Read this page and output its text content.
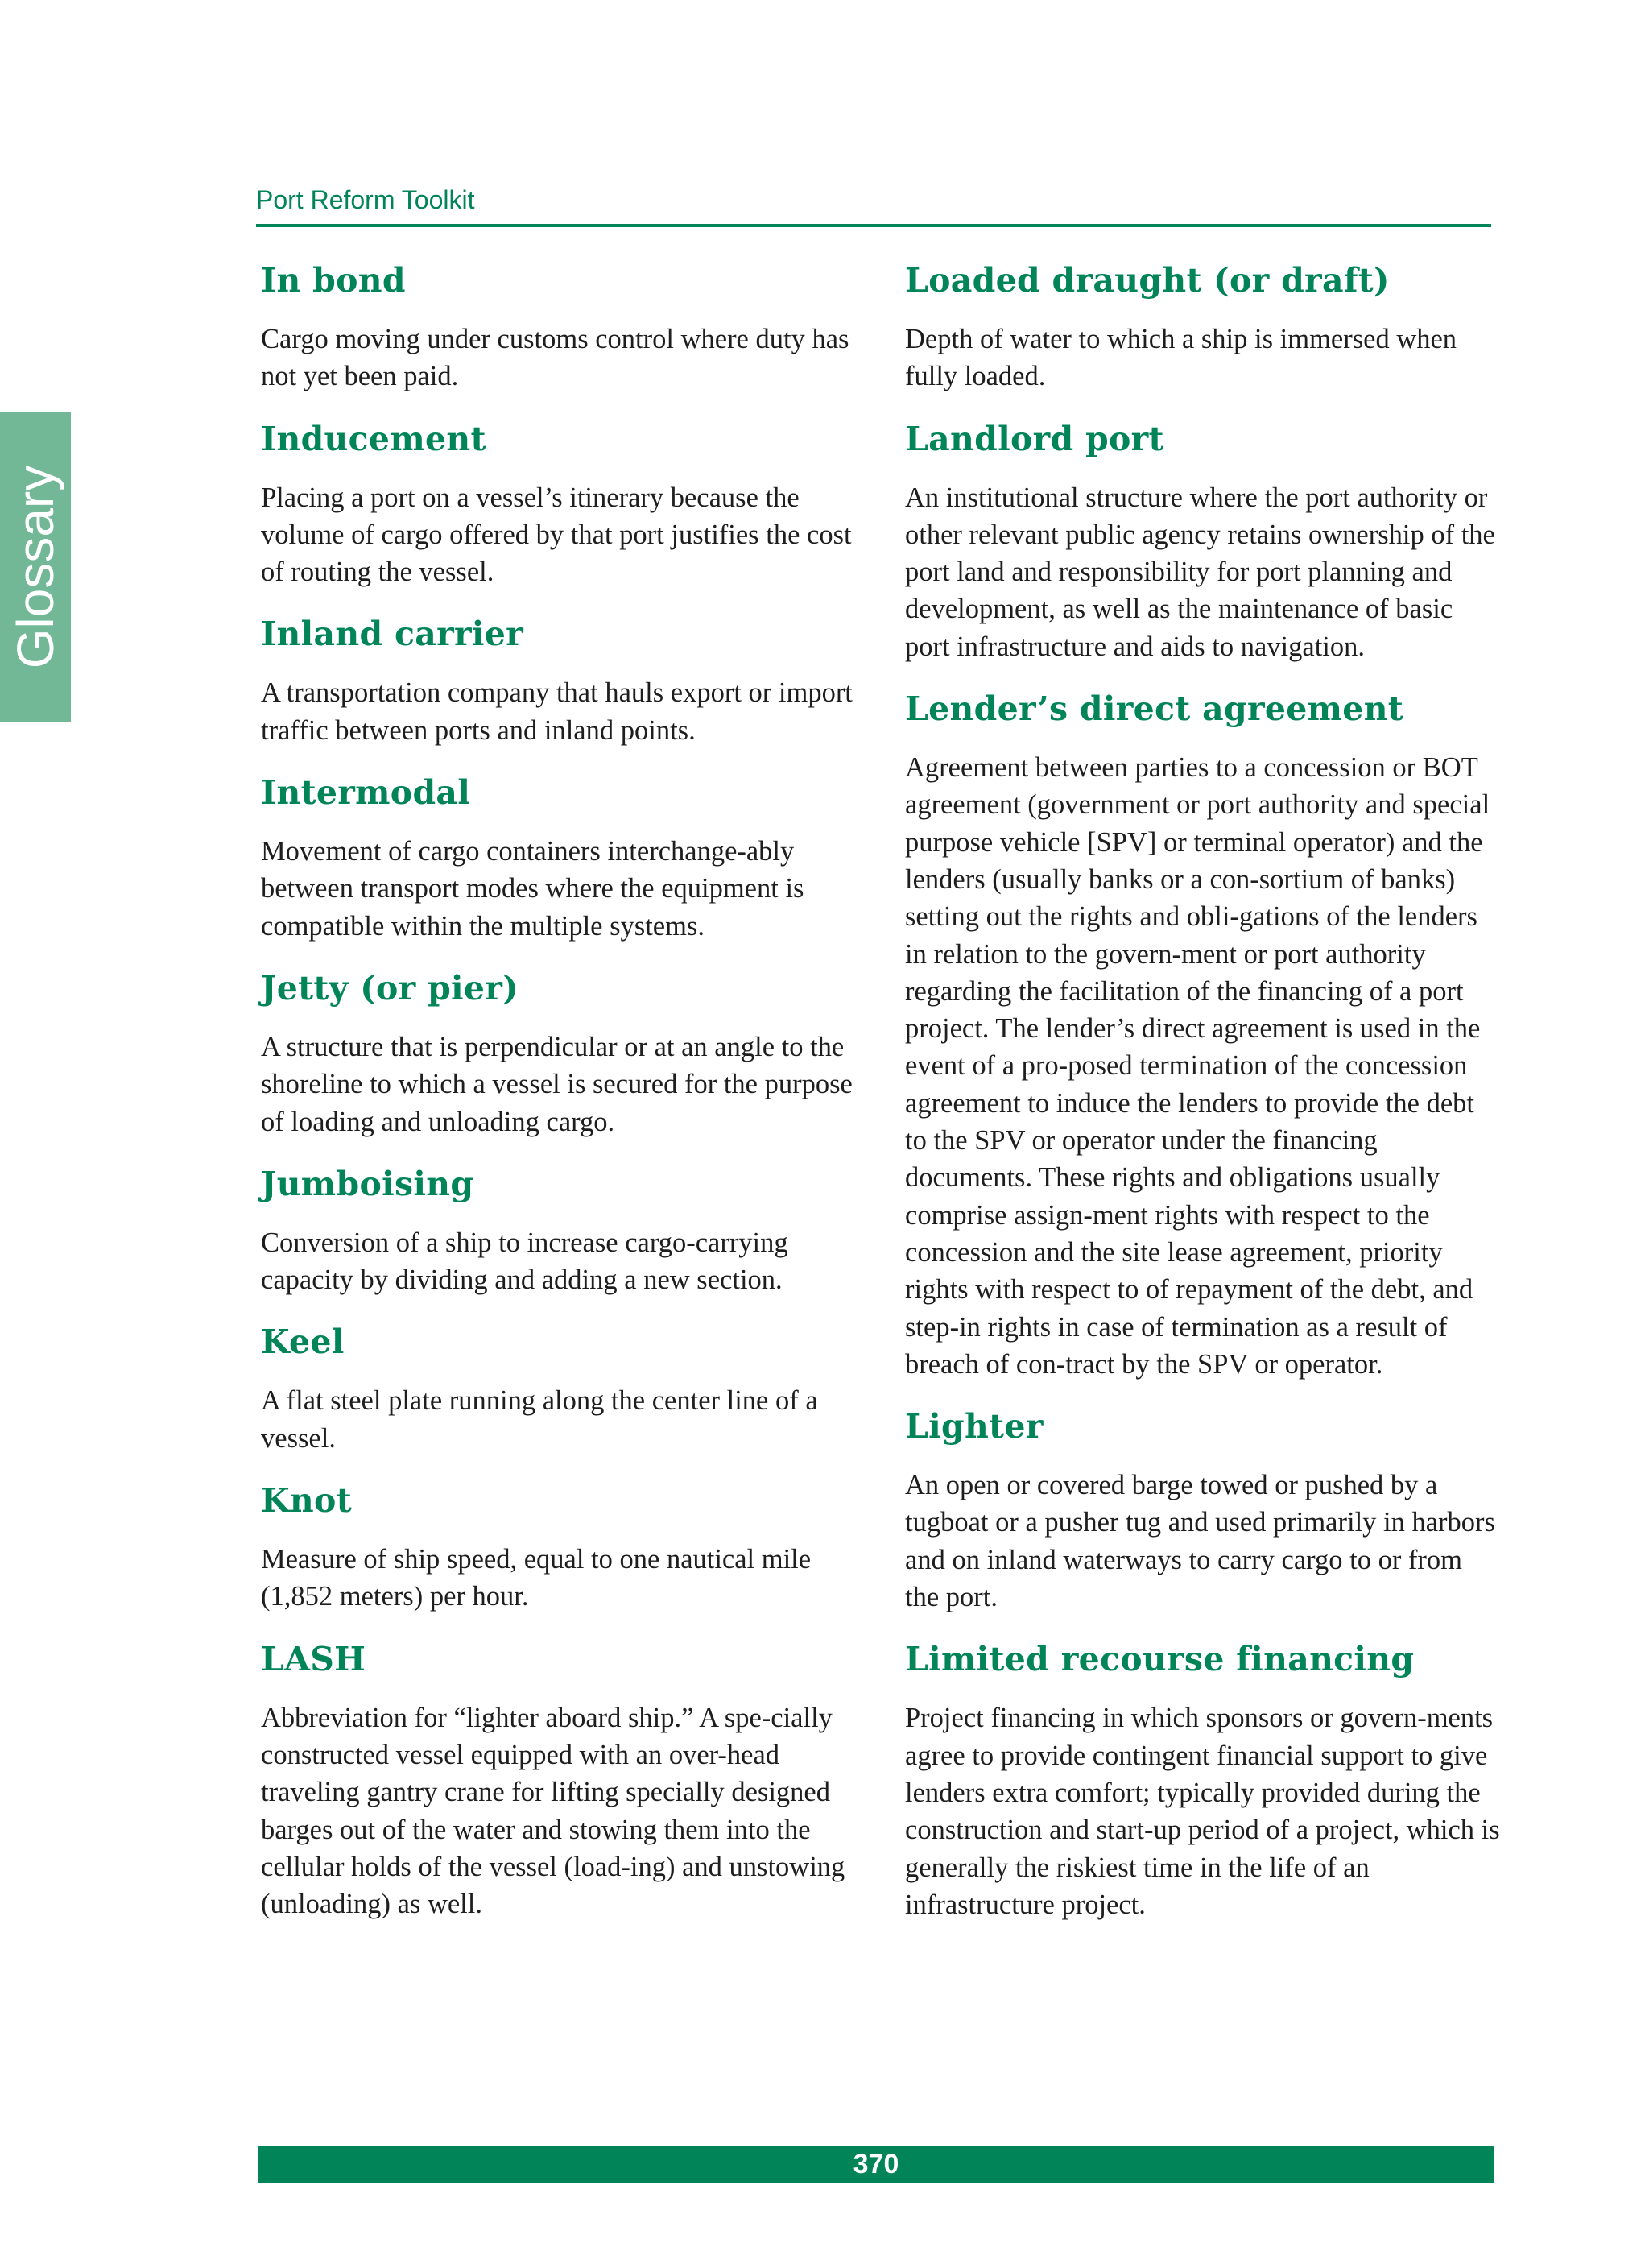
Port Reform Toolkit
Glossary
In bond

Cargo moving under customs control where duty has not yet been paid.

Inducement

Placing a port on a vessel’s itinerary because the volume of cargo offered by that port justifies the cost of routing the vessel.

Inland carrier

A transportation company that hauls export or import traffic between ports and inland points.

Intermodal

Movement of cargo containers interchange-ably between transport modes where the equipment is compatible within the multiple systems.

Jetty (or pier)

A structure that is perpendicular or at an angle to the shoreline to which a vessel is secured for the purpose of loading and unloading cargo.

Jumboising

Conversion of a ship to increase cargo-carrying capacity by dividing and adding a new section.

Keel

A flat steel plate running along the center line of a vessel.

Knot

Measure of ship speed, equal to one nautical mile (1,852 meters) per hour.

LASH

Abbreviation for “lighter aboard ship.” A spe-cially constructed vessel equipped with an over-head traveling gantry crane for lifting specially designed barges out of the water and stowing them into the cellular holds of the vessel (load-ing) and unstowing (unloading) as well.

Loaded draught (or draft)

Depth of water to which a ship is immersed when fully loaded.

Landlord port

An institutional structure where the port authority or other relevant public agency retains ownership of the port land and responsibility for port planning and development, as well as the maintenance of basic port infrastructure and aids to navigation.

Lender’s direct agreement

Agreement between parties to a concession or BOT agreement (government or port authority and special purpose vehicle [SPV] or terminal operator) and the lenders (usually banks or a con-sortium of banks) setting out the rights and obli-gations of the lenders in relation to the govern-ment or port authority regarding the facilitation of the financing of a port project. The lender’s direct agreement is used in the event of a pro-posed termination of the concession agreement to induce the lenders to provide the debt to the SPV or operator under the financing documents. These rights and obligations usually comprise assign-ment rights with respect to the concession and the site lease agreement, priority rights with respect to of repayment of the debt, and step-in rights in case of termination as a result of breach of con-tract by the SPV or operator.

Lighter

An open or covered barge towed or pushed by a tugboat or a pusher tug and used primarily in harbors and on inland waterways to carry cargo to or from the port.

Limited recourse financing

Project financing in which sponsors or govern-ments agree to provide contingent financial support to give lenders extra comfort; typically provided during the construction and start-up period of a project, which is generally the riskiest time in the life of an infrastructure project.

370
